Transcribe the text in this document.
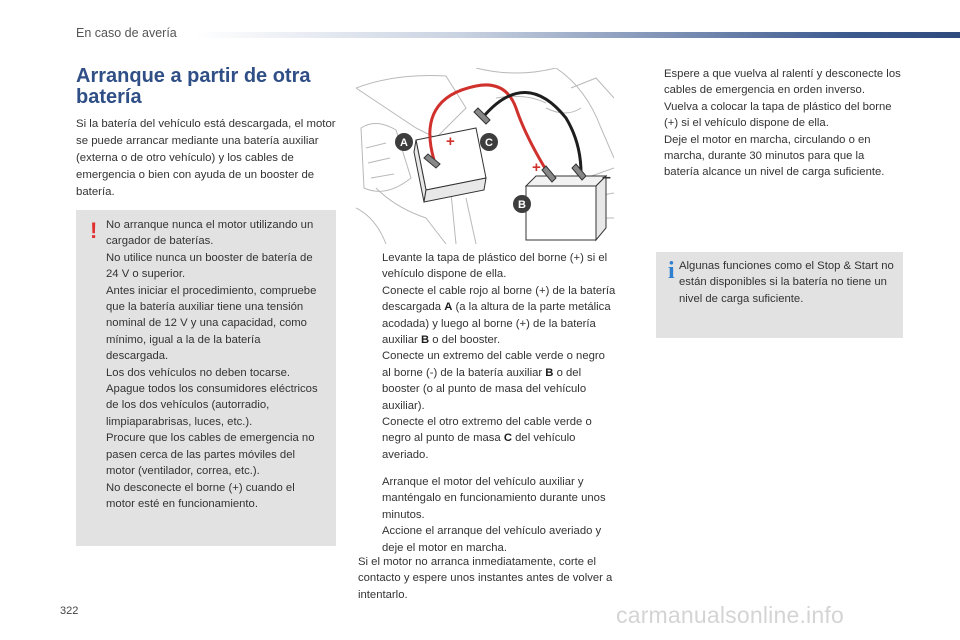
En caso de avería
Arranque a partir de otra batería

Si la batería del vehículo está descargada, el motor se puede arrancar mediante una batería auxiliar (externa o de otro vehículo) y los cables de emergencia o bien con ayuda de un booster de batería.

! No arranque nunca el motor utilizando un cargador de baterías.
No utilice nunca un booster de batería de 24 V o superior.
Antes iniciar el procedimiento, compruebe que la batería auxiliar tiene una tensión nominal de 12 V y una capacidad, como mínimo, igual a la de la batería descargada.
Los dos vehículos no deben tocarse.
Apague todos los consumidores eléctricos de los dos vehículos (autorradio, limpiaparabrisas, luces, etc.).
Procure que los cables de emergencia no pasen cerca de las partes móviles del motor (ventilador, correa, etc.).
No desconecte el borne (+) cuando el motor esté en funcionamiento.
+
+
–
A	C
B
Levante la tapa de plástico del borne (+) si el vehículo dispone de ella.
Conecte el cable rojo al borne (+) de la batería descargada A (a la altura de la parte metálica acodada) y luego al borne (+) de la batería auxiliar B o del booster.
Conecte un extremo del cable verde o negro al borne (-) de la batería auxiliar B o del booster (o al punto de masa del vehículo auxiliar).
Conecte el otro extremo del cable verde o negro al punto de masa C del vehículo averiado.
Arranque el motor del vehículo auxiliar y manténgalo en funcionamiento durante unos minutos.
Accione el arranque del vehículo averiado y deje el motor en marcha.

Si el motor no arranca inmediatamente, corte el contacto y espere unos instantes antes de volver a intentarlo.

Espere a que vuelva al ralentí y desconecte los cables de emergencia en orden inverso.
Vuelva a colocar la tapa de plástico del borne (+) si el vehículo dispone de ella.
Deje el motor en marcha, circulando o en marcha, durante 30 minutos para que la batería alcance un nivel de carga suficiente.
i Algunas funciones como el Stop & Start no están disponibles si la batería no tiene un nivel de carga suficiente.
322	carmanualsonline.info
